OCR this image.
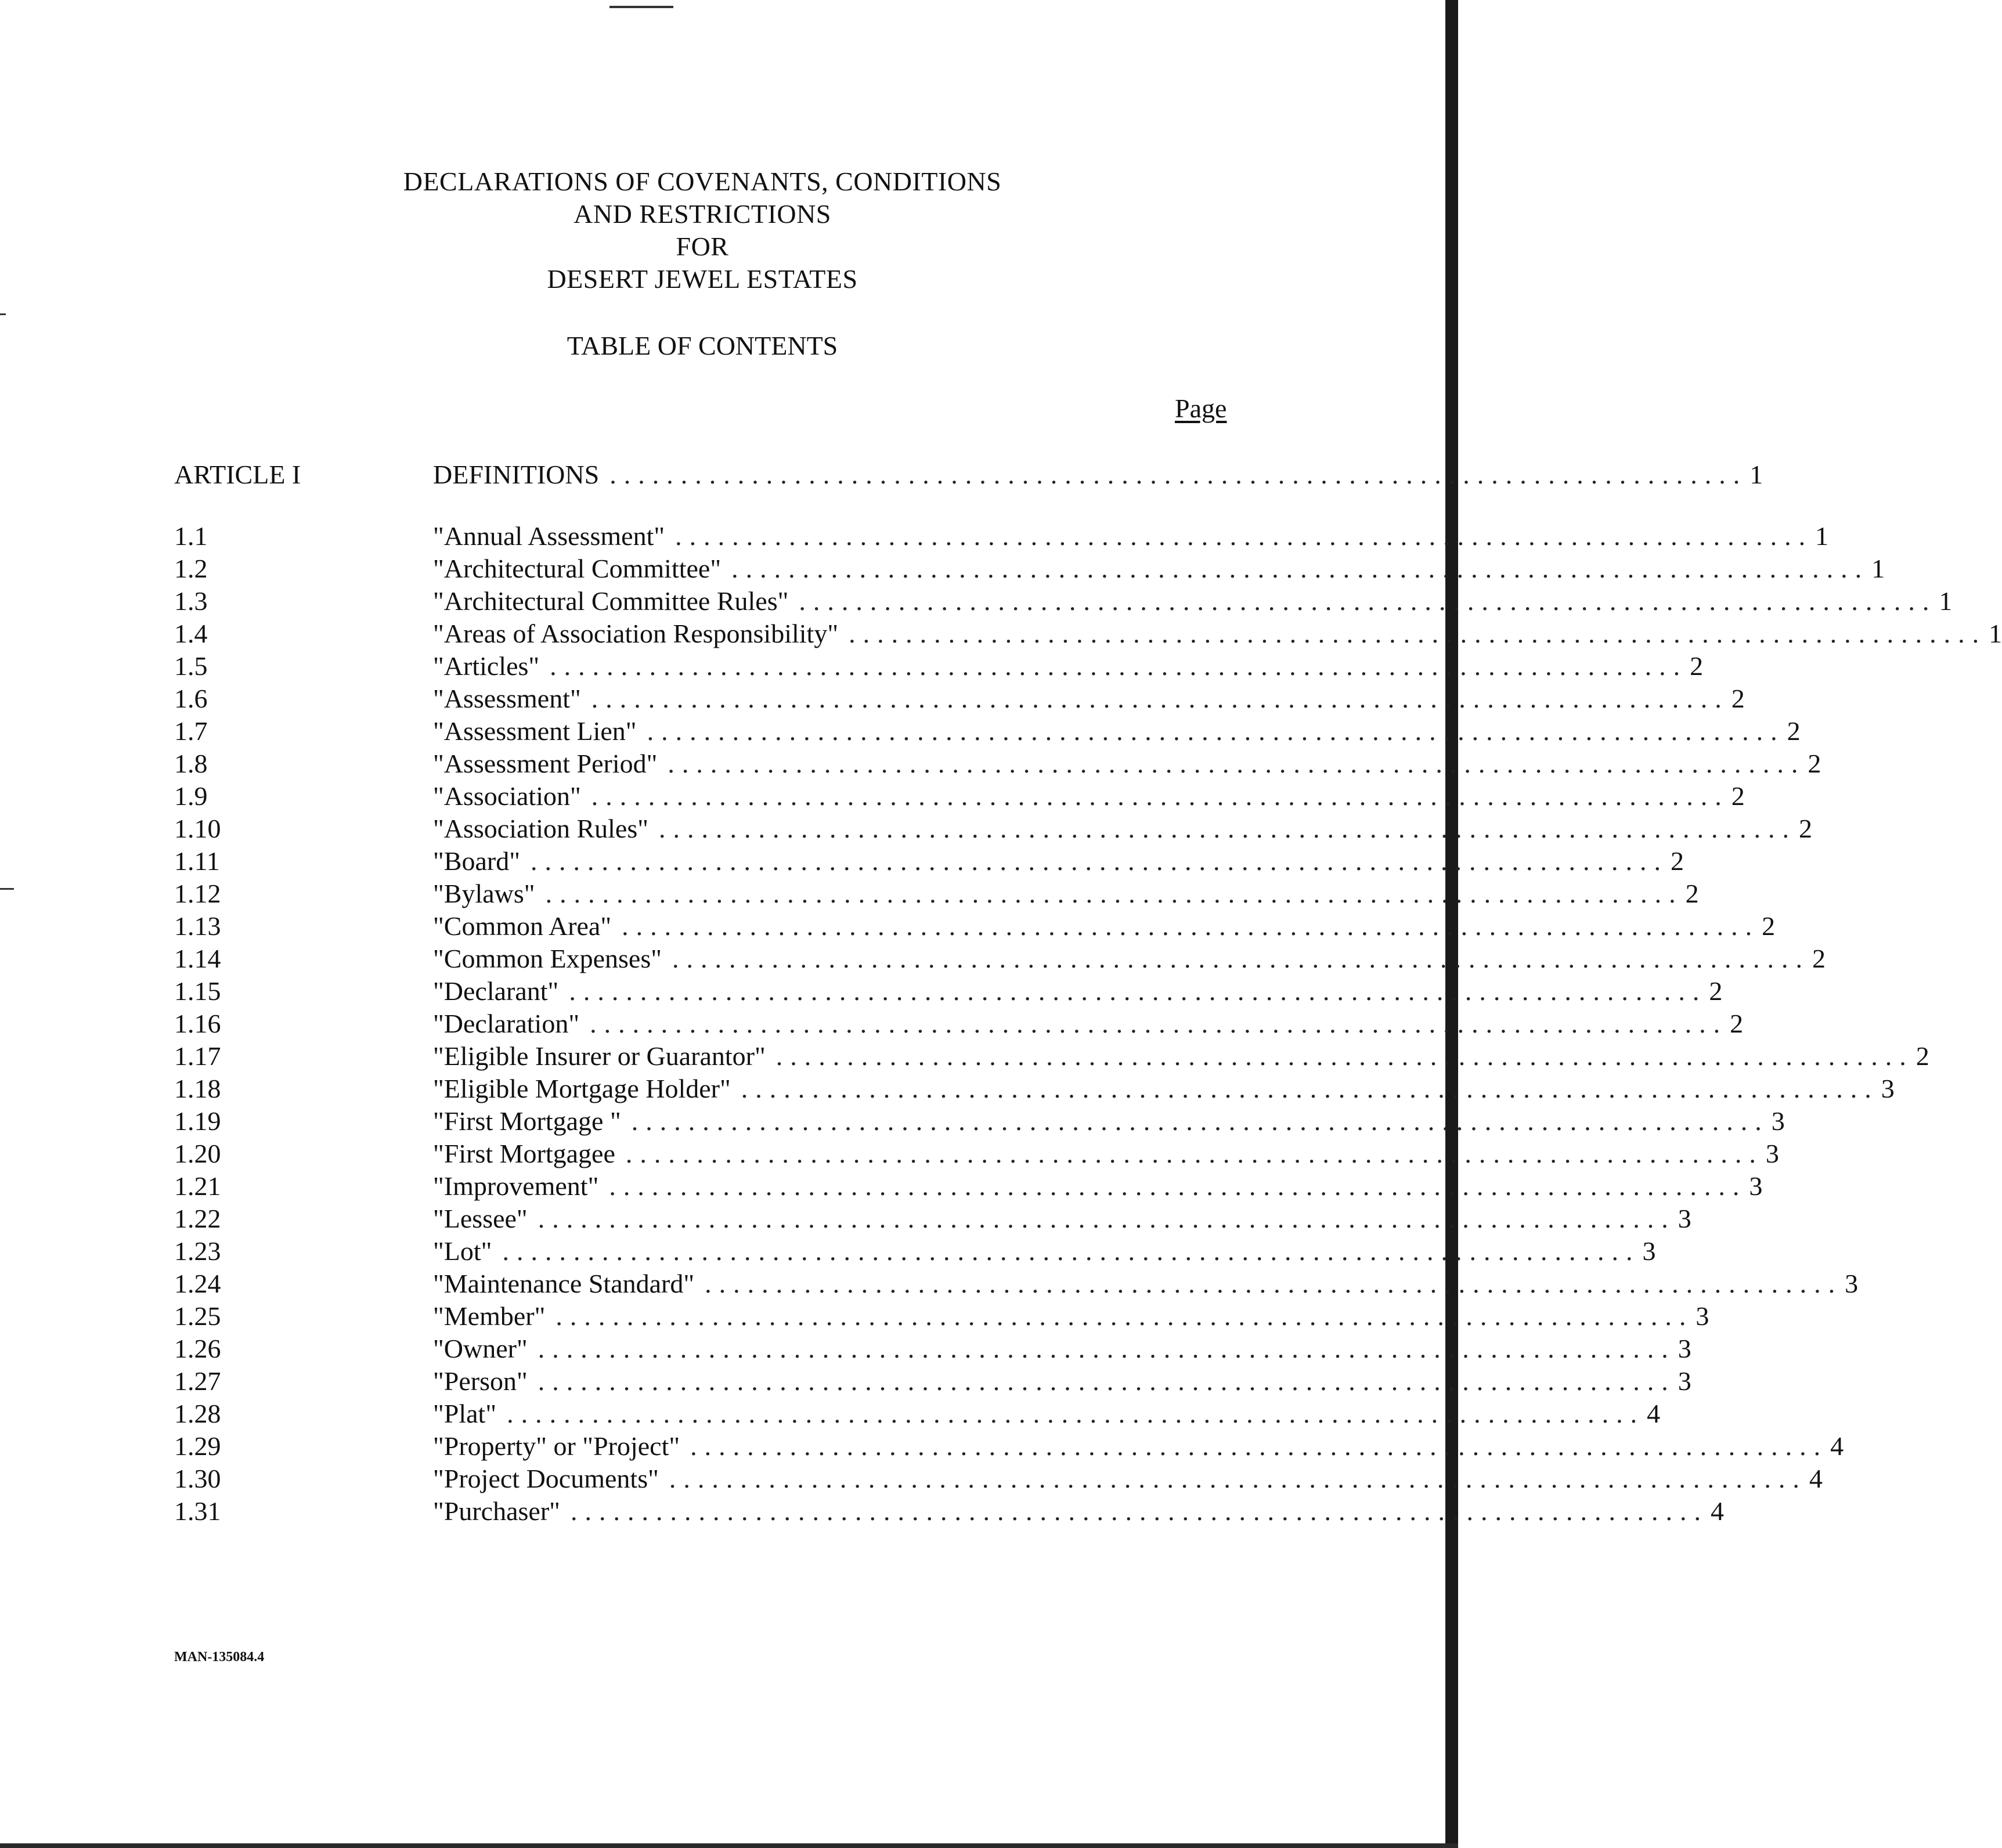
DECLARATIONS OF COVENANTS, CONDITIONS
AND RESTRICTIONS
FOR
DESERT JEWEL ESTATES
TABLE OF CONTENTS
Page
ARTICLE I	DEFINITIONS ................................................................................ 1
1.1	"Annual Assessment" ................................................................................ 1
1.2	"Architectural Committee" ................................................................................ 1
1.3	"Architectural Committee Rules" ................................................................................ 1
1.4	"Areas of Association Responsibility" ................................................................................ 1
1.5	"Articles" ................................................................................ 2
1.6	"Assessment" ................................................................................ 2
1.7	"Assessment Lien" ................................................................................ 2
1.8	"Assessment Period" ................................................................................ 2
1.9	"Association" ................................................................................ 2
1.10	"Association Rules" ................................................................................ 2
1.11	"Board" ................................................................................ 2
1.12	"Bylaws" ................................................................................ 2
1.13	"Common Area" ................................................................................ 2
1.14	"Common Expenses" ................................................................................ 2
1.15	"Declarant" ................................................................................ 2
1.16	"Declaration" ................................................................................ 2
1.17	"Eligible Insurer or Guarantor" ................................................................................ 2
1.18	"Eligible Mortgage Holder" ................................................................................ 3
1.19	"First Mortgage " ................................................................................ 3
1.20	"First Mortgagee ................................................................................ 3
1.21	"Improvement" ................................................................................ 3
1.22	"Lessee" ................................................................................ 3
1.23	"Lot" ................................................................................ 3
1.24	"Maintenance Standard" ................................................................................ 3
1.25	"Member" ................................................................................ 3
1.26	"Owner" ................................................................................ 3
1.27	"Person" ................................................................................ 3
1.28	"Plat" ................................................................................ 4
1.29	"Property" or "Project" ................................................................................ 4
1.30	"Project Documents" ................................................................................ 4
1.31	"Purchaser" ................................................................................ 4
MAN-135084.4
